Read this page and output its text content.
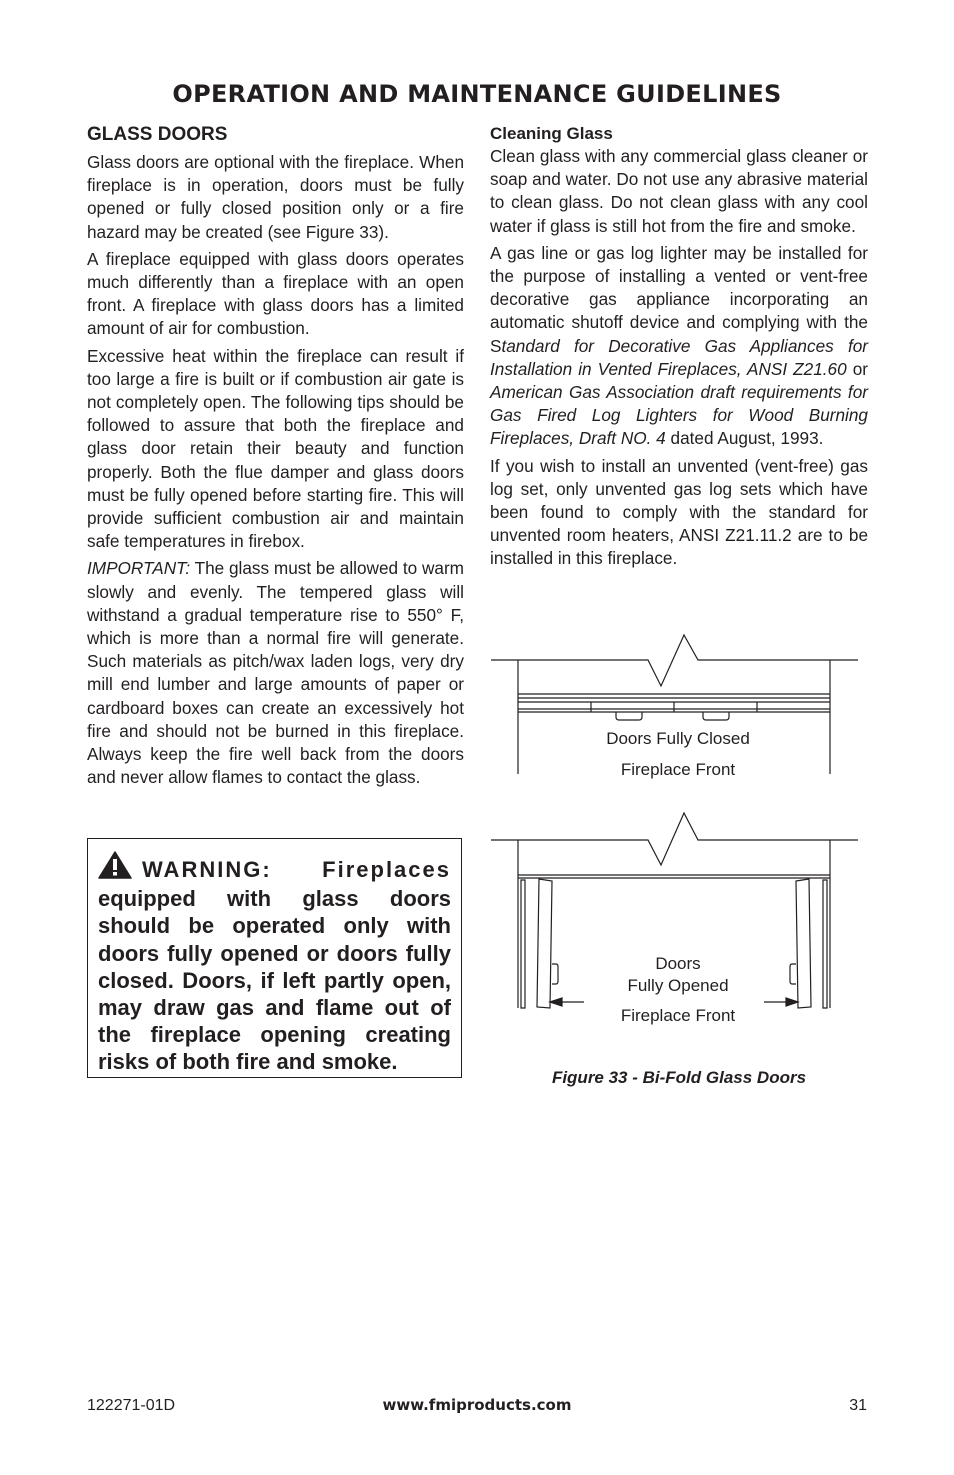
OPERATION AND MAINTENANCE GUIDELINES
GLASS DOORS

Glass doors are optional with the fireplace. When fireplace is in operation, doors must be fully opened or fully closed position only or a fire hazard may be created (see Figure 33).

A fireplace equipped with glass doors operates much differently than a fireplace with an open front. A fireplace with glass doors has a limited amount of air for combustion.

Excessive heat within the fireplace can result if too large a fire is built or if combustion air gate is not completely open. The following tips should be followed to assure that both the fireplace and glass door retain their beauty and function properly. Both the flue damper and glass doors must be fully opened before starting fire. This will provide sufficient combustion air and maintain safe temperatures in firebox.

IMPORTANT: The glass must be allowed to warm slowly and evenly. The tempered glass will withstand a gradual temperature rise to 550° F, which is more than a normal fire will generate. Such materials as pitch/wax laden logs, very dry mill end lumber and large amounts of paper or cardboard boxes can create an excessively hot fire and should not be burned in this fireplace. Always keep the fire well back from the doors and never allow flames to contact the glass.

WARNING: Fireplaces equipped with glass doors should be operated only with doors fully opened or doors fully closed. Doors, if left partly open, may draw gas and flame out of the fireplace opening creating risks of both fire and smoke.

Cleaning Glass

Clean glass with any commercial glass cleaner or soap and water. Do not use any abrasive material to clean glass. Do not clean glass with any cool water if glass is still hot from the fire and smoke.

A gas line or gas log lighter may be installed for the purpose of installing a vented or vent-free decorative gas appliance incorporating an automatic shutoff device and complying with the Standard for Decorative Gas Appliances for Installation in Vented Fireplaces, ANSI Z21.60 or American Gas Association draft requirements for Gas Fired Log Lighters for Wood Burning Fireplaces, Draft NO. 4 dated August, 1993.

If you wish to install an unvented (vent-free) gas log set, only unvented gas log sets which have been found to comply with the standard for unvented room heaters, ANSI Z21.11.2 are to be installed in this fireplace.

Doors Fully Closed
Fireplace Front
Doors
Fully Opened
Fireplace Front
Figure 33 - Bi-Fold Glass Doors
122271-01D	www.fmiproducts.com	31
